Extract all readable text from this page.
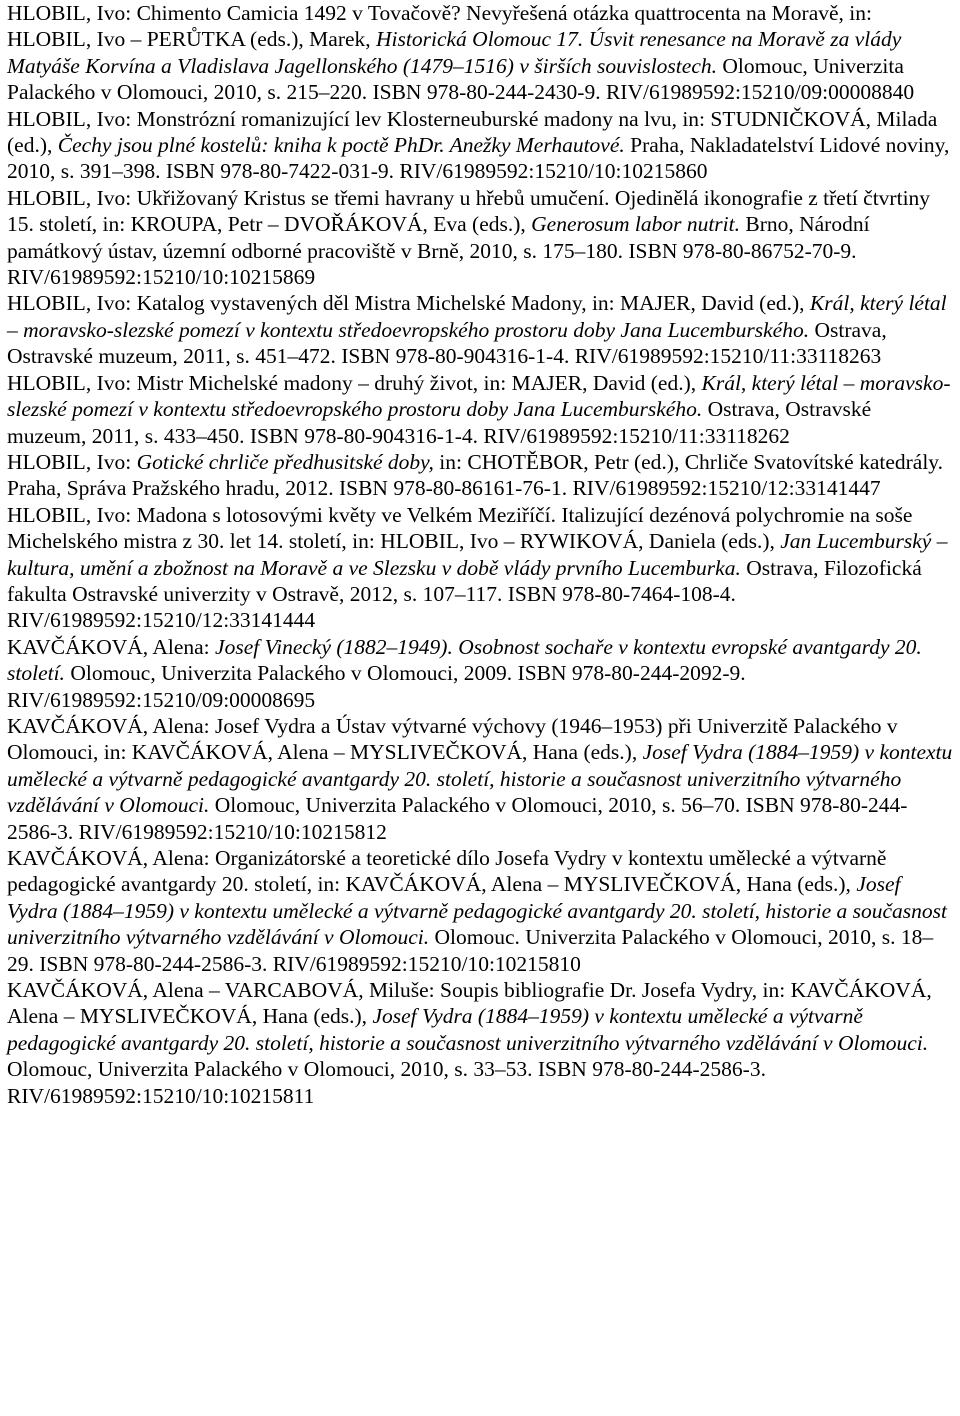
HLOBIL, Ivo: Chimento Camicia 1492 v Tovačově? Nevyřešená otázka quattrocenta na Moravě, in: HLOBIL, Ivo – PERŮTKA (eds.), Marek, Historická Olomouc 17. Úsvit renesance na Moravě za vlády Matyáše Korvína a Vladislava Jagellonského (1479–1516) v širších souvislostech. Olomouc, Univerzita Palackého v Olomouci, 2010, s. 215–220. ISBN 978-80-244-2430-9. RIV/61989592:15210/09:00008840

HLOBIL, Ivo: Monstrózní romanizující lev Klosterneuburské madony na lvu, in: STUDNIČKOVÁ, Milada (ed.), Čechy jsou plné kostelů: kniha k poctě PhDr. Anežky Merhautové. Praha, Nakladatelství Lidové noviny, 2010, s. 391–398. ISBN 978-80-7422-031-9. RIV/61989592:15210/10:10215860

HLOBIL, Ivo: Ukřižovaný Kristus se třemi havrany u hřebů umučení. Ojedinělá ikonografie z třetí čtvrtiny 15. století, in: KROUPA, Petr – DVOŘÁKOVÁ, Eva (eds.), Generosum labor nutrit. Brno, Národní památkový ústav, územní odborné pracoviště v Brně, 2010, s. 175–180. ISBN 978-80-86752-70-9. RIV/61989592:15210/10:10215869

HLOBIL, Ivo: Katalog vystavených děl Mistra Michelské Madony, in: MAJER, David (ed.), Král, který létal – moravsko-slezské pomezí v kontextu středoevropského prostoru doby Jana Lucemburského. Ostrava, Ostravské muzeum, 2011, s. 451–472. ISBN 978-80-904316-1-4. RIV/61989592:15210/11:33118263

HLOBIL, Ivo: Mistr Michelské madony – druhý život, in: MAJER, David (ed.), Král, který létal – moravsko-slezské pomezí v kontextu středoevropského prostoru doby Jana Lucemburského. Ostrava, Ostravské muzeum, 2011, s. 433–450. ISBN 978-80-904316-1-4. RIV/61989592:15210/11:33118262

HLOBIL, Ivo: Gotické chrliče předhusitské doby, in: CHOTĚBOR, Petr (ed.), Chrliče Svatovítské katedrály. Praha, Správa Pražského hradu, 2012. ISBN 978-80-86161-76-1. RIV/61989592:15210/12:33141447

HLOBIL, Ivo: Madona s lotosovými květy ve Velkém Meziříčí. Italizující dezénová polychromie na soše Michelského mistra z 30. let 14. století, in: HLOBIL, Ivo – RYWIKOVÁ, Daniela (eds.), Jan Lucemburský – kultura, umění a zbožnost na Moravě a ve Slezsku v době vlády prvního Lucemburka. Ostrava, Filozofická fakulta Ostravské univerzity v Ostravě, 2012, s. 107–117. ISBN 978-80-7464-108-4. RIV/61989592:15210/12:33141444

KAVČÁKOVÁ, Alena: Josef Vinecký (1882–1949). Osobnost sochaře v kontextu evropské avantgardy 20. století. Olomouc, Univerzita Palackého v Olomouci, 2009. ISBN 978-80-244-2092-9. RIV/61989592:15210/09:00008695

KAVČÁKOVÁ, Alena: Josef Vydra a Ústav výtvarné výchovy (1946–1953) při Univerzitě Palackého v Olomouci, in: KAVČÁKOVÁ, Alena – MYSLIVEČKOVÁ, Hana (eds.), Josef Vydra (1884–1959) v kontextu umělecké a výtvarně pedagogické avantgardy 20. století, historie a současnost univerzitního výtvarného vzdělávání v Olomouci. Olomouc, Univerzita Palackého v Olomouci, 2010, s. 56–70. ISBN 978-80-244-2586-3. RIV/61989592:15210/10:10215812

KAVČÁKOVÁ, Alena: Organizátorské a teoretické dílo Josefa Vydry v kontextu umělecké a výtvarně pedagogické avantgardy 20. století, in: KAVČÁKOVÁ, Alena – MYSLIVEČKOVÁ, Hana (eds.), Josef Vydra (1884–1959) v kontextu umělecké a výtvarně pedagogické avantgardy 20. století, historie a současnost univerzitního výtvarného vzdělávání v Olomouci. Olomouc. Univerzita Palackého v Olomouci, 2010, s. 18–29. ISBN 978-80-244-2586-3. RIV/61989592:15210/10:10215810

KAVČÁKOVÁ, Alena – VARCABOVÁ, Miluše: Soupis bibliografie Dr. Josefa Vydry, in: KAVČÁKOVÁ, Alena – MYSLIVEČKOVÁ, Hana (eds.), Josef Vydra (1884–1959) v kontextu umělecké a výtvarně pedagogické avantgardy 20. století, historie a současnost univerzitního výtvarného vzdělávání v Olomouci. Olomouc, Univerzita Palackého v Olomouci, 2010, s. 33–53. ISBN 978-80-244-2586-3. RIV/61989592:15210/10:10215811
